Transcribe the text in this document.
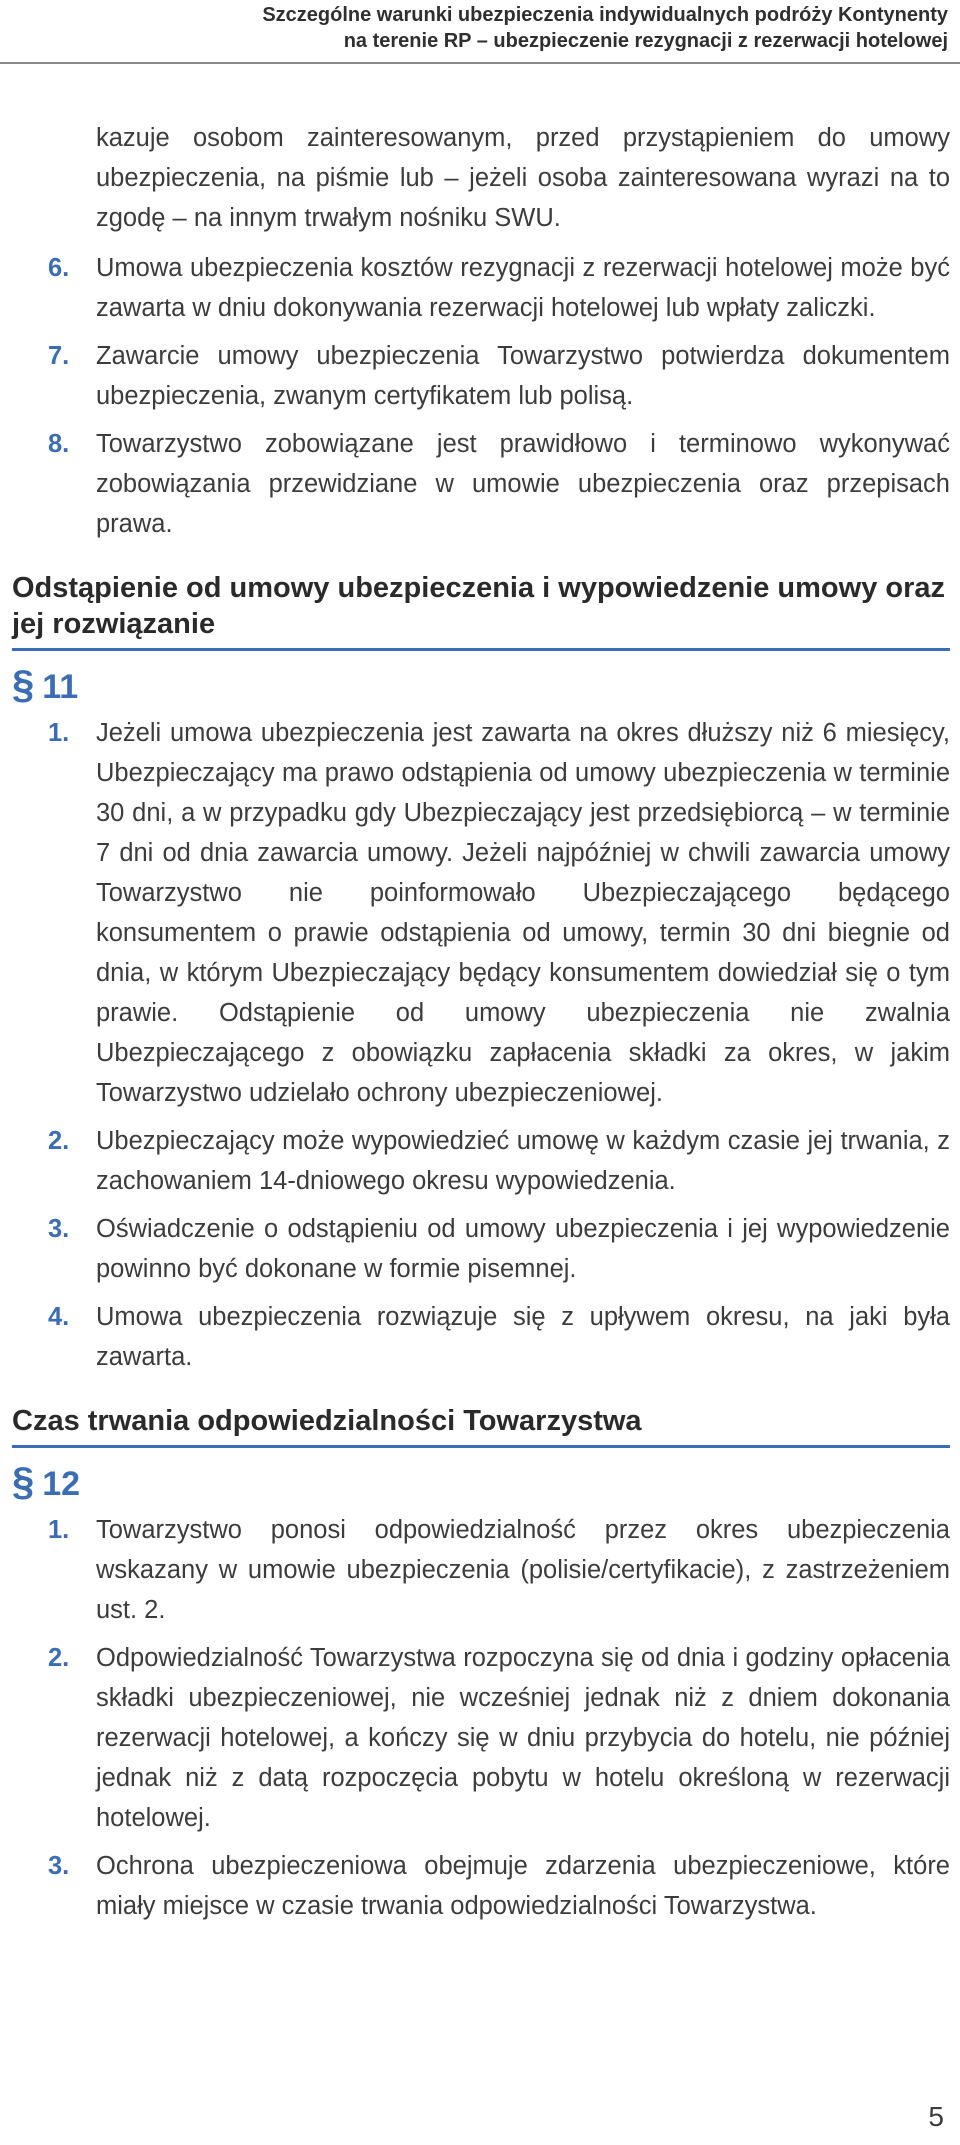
Szczególne warunki ubezpieczenia indywidualnych podróży Kontynenty
na terenie RP – ubezpieczenie rezygnacji z rezerwacji hotelowej
kazuje osobom zainteresowanym, przed przystąpieniem do umowy ubezpieczenia, na piśmie lub – jeżeli osoba zainteresowana wyrazi na to zgodę – na innym trwałym nośniku SWU.
6. Umowa ubezpieczenia kosztów rezygnacji z rezerwacji hotelowej może być zawarta w dniu dokonywania rezerwacji hotelowej lub wpłaty zaliczki.
7. Zawarcie umowy ubezpieczenia Towarzystwo potwierdza dokumentem ubezpieczenia, zwanym certyfikatem lub polisą.
8. Towarzystwo zobowiązane jest prawidłowo i terminowo wykonywać zobowiązania przewidziane w umowie ubezpieczenia oraz przepisach prawa.
Odstąpienie od umowy ubezpieczenia i wypowiedzenie umowy oraz jej rozwiązanie
§ 11
1. Jeżeli umowa ubezpieczenia jest zawarta na okres dłuższy niż 6 miesięcy, Ubezpieczający ma prawo odstąpienia od umowy ubezpieczenia w terminie 30 dni, a w przypadku gdy Ubezpieczający jest przedsiębiorcą – w terminie 7 dni od dnia zawarcia umowy. Jeżeli najpóźniej w chwili zawarcia umowy Towarzystwo nie poinformowało Ubezpieczającego będącego konsumentem o prawie odstąpienia od umowy, termin 30 dni biegnie od dnia, w którym Ubezpieczający będący konsumentem dowiedział się o tym prawie. Odstąpienie od umowy ubezpieczenia nie zwalnia Ubezpieczającego z obowiązku zapłacenia składki za okres, w jakim Towarzystwo udzielało ochrony ubezpieczeniowej.
2. Ubezpieczający może wypowiedzieć umowę w każdym czasie jej trwania, z zachowaniem 14-dniowego okresu wypowiedzenia.
3. Oświadczenie o odstąpieniu od umowy ubezpieczenia i jej wypowiedzenie powinno być dokonane w formie pisemnej.
4. Umowa ubezpieczenia rozwiązuje się z upływem okresu, na jaki była zawarta.
Czas trwania odpowiedzialności Towarzystwa
§ 12
1. Towarzystwo ponosi odpowiedzialność przez okres ubezpieczenia wskazany w umowie ubezpieczenia (polisie/certyfikacie), z zastrzeżeniem ust. 2.
2. Odpowiedzialność Towarzystwa rozpoczyna się od dnia i godziny opłacenia składki ubezpieczeniowej, nie wcześniej jednak niż z dniem dokonania rezerwacji hotelowej, a kończy się w dniu przybycia do hotelu, nie później jednak niż z datą rozpoczęcia pobytu w hotelu określoną w rezerwacji hotelowej.
3. Ochrona ubezpieczeniowa obejmuje zdarzenia ubezpieczeniowe, które miały miejsce w czasie trwania odpowiedzialności Towarzystwa.
5
